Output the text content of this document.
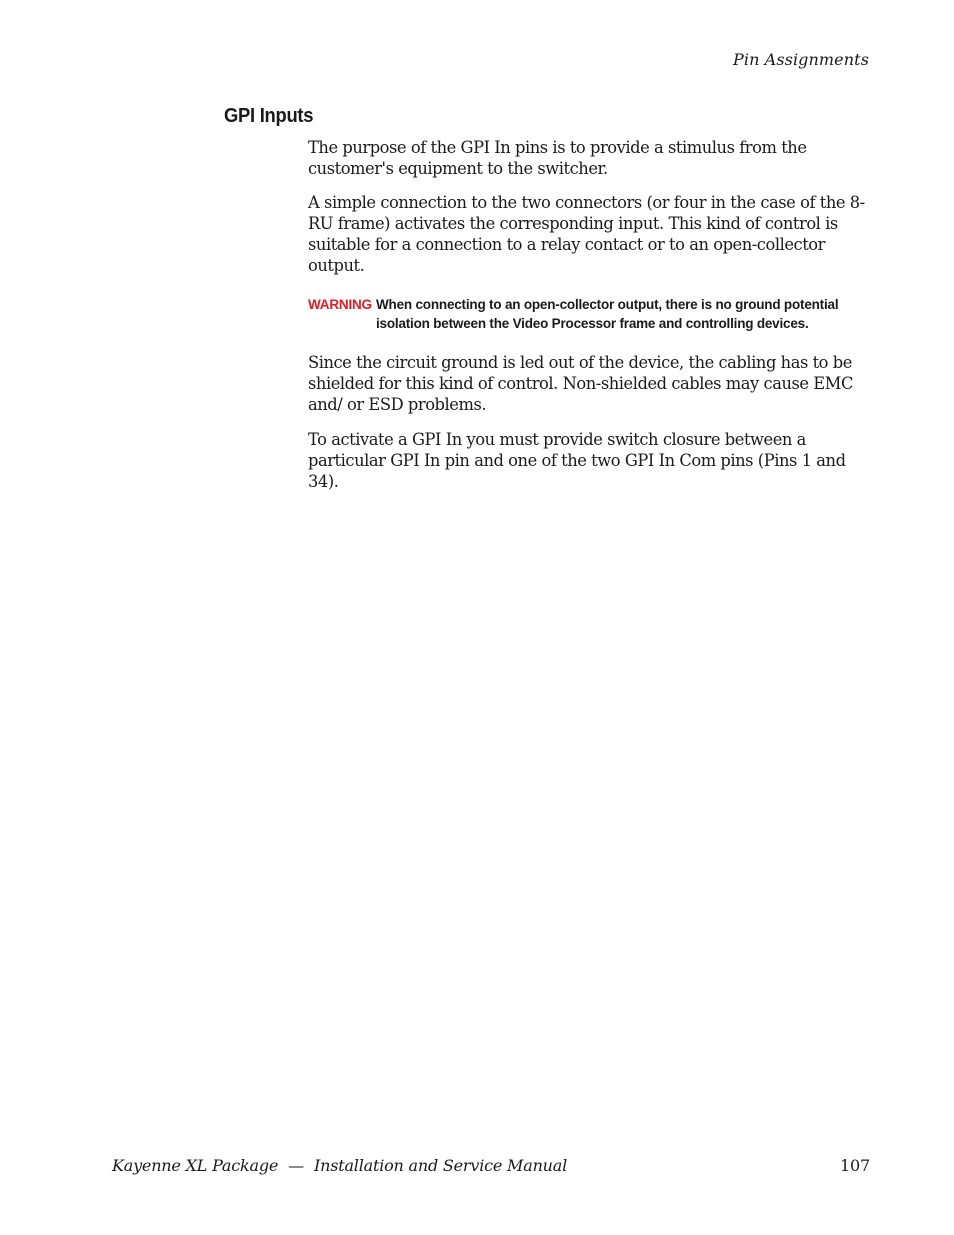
Pin Assignments
GPI Inputs

The purpose of the GPI In pins is to provide a stimulus from the customer's equipment to the switcher.

A simple connection to the two connectors (or four in the case of the 8-RU frame) activates the corresponding input. This kind of control is suitable for a connection to a relay contact or to an open-collector output.

WARNING When connecting to an open-collector output, there is no ground potential isolation between the Video Processor frame and controlling devices.

Since the circuit ground is led out of the device, the cabling has to be shielded for this kind of control. Non-shielded cables may cause EMC and/ or ESD problems.

To activate a GPI In you must provide switch closure between a particular GPI In pin and one of the two GPI In Com pins (Pins 1 and 34).

Kayenne XL Package — Installation and Service Manual	107
